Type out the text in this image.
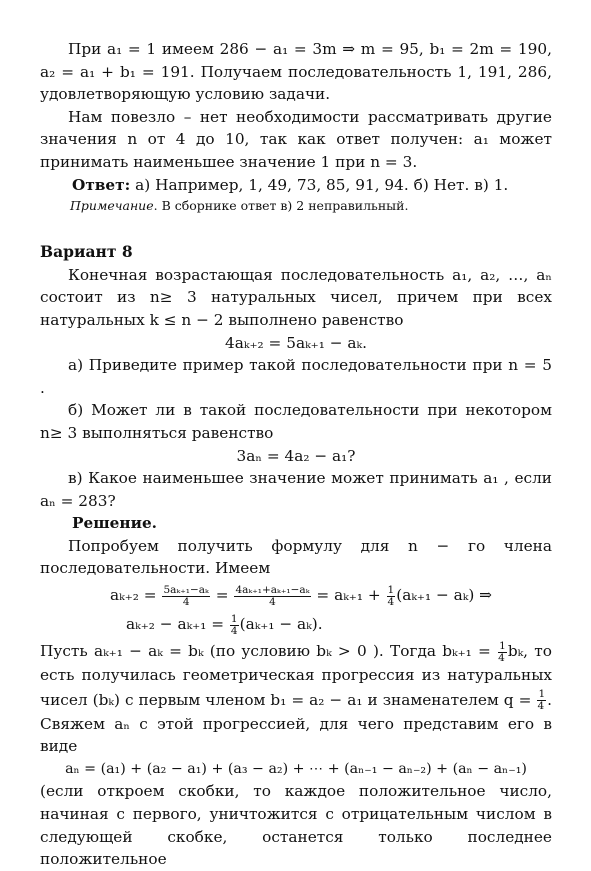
При a₁ = 1 имеем 286 − a₁ = 3m ⇒ m = 95, b₁ = 2m = 190,

a₂ = a₁ + b₁ = 191. Получаем последовательность 1, 191, 286,

удовлетворяющую условию задачи.

Нам повезло – нет необходимости рассматривать другие значения n от 4 до 10, так как ответ получен: a₁ может принимать наименьшее значение 1 при n = 3.

Ответ: а) Например, 1, 49, 73, 85, 91, 94. б) Нет. в) 1.

Примечание. В сборнике ответ в) 2 неправильный.

Вариант 8

Конечная возрастающая последовательность a₁, a₂, …, aₙ состоит из n≥ 3 натуральных чисел, причем при всех натуральных k ≤ n − 2 выполнено равенство

4aₖ₊₂ = 5aₖ₊₁ − aₖ.

а) Приведите пример такой последовательности при n = 5 .

б) Может ли в такой последовательности при некотором n≥ 3 выполняться равенство

3aₙ = 4a₂ − a₁?

в) Какое наименьшее значение может принимать a₁ , если aₙ = 283?

Решение.

Попробуем получить формулу для n − го члена последовательности. Имеем

$a_{k+2} = \frac{\text{5aₖ₊₁−aₖ}}{4} = \frac{\text{4aₖ₊₁+aₖ₊₁−aₖ}}{4} = a_{k+1} + \frac{1}{4} (a_{k+1} - a_k)$ ⇒

$a_{k+2} - a_{k+1} = \frac{1}{4} (a_{k+1} - a_k)$.

Пусть aₖ₊₁ − aₖ = bₖ (по условию bₖ > 0 ). Тогда $b_{k+1} = \frac{1}{4} b_k$, то

есть получилась геометрическая прогрессия из натуральных

чисел (bₖ) с первым членом b₁ = a₂ − a₁ и знаменателем $q = \frac{1}{4}$ .

Свяжем aₙ с этой прогрессией, для чего представим его в виде

aₙ = (a₁) + (a₂ − a₁) + (a₃ − a₂) + ⋯ + (aₙ₋₁ − aₙ₋₂) + (aₙ − aₙ₋₁)

(если откроем скобки, то каждое положительное число, начиная с первого, уничтожится с отрицательным числом в следующей скобке, останется только последнее положительное
